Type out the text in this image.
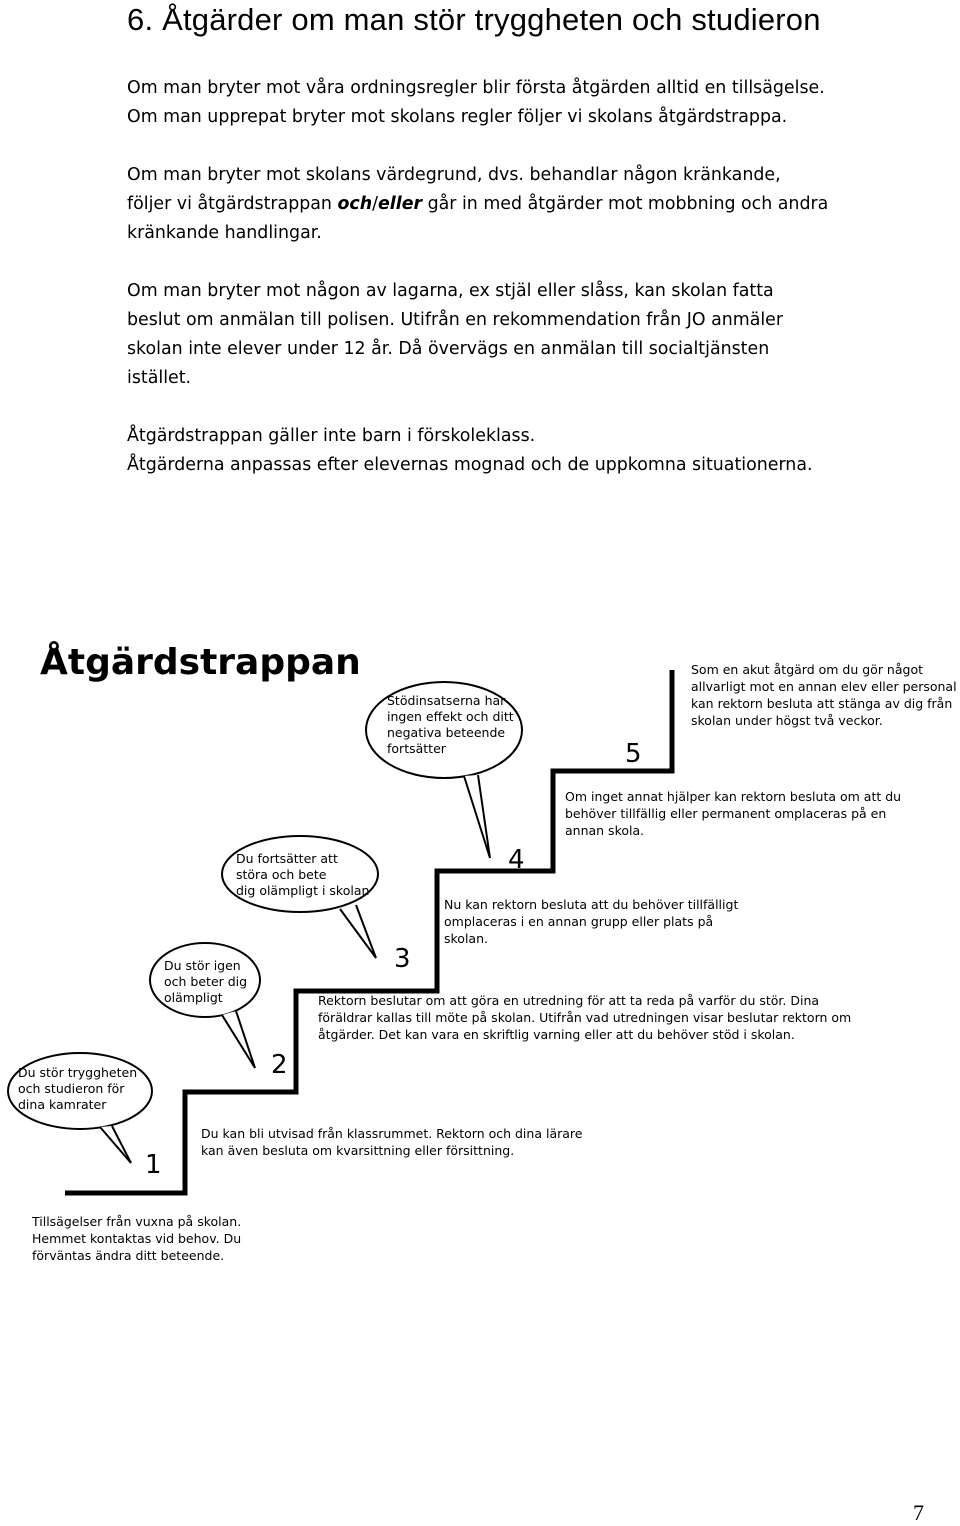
6. Åtgärder om man stör tryggheten och studieron

Om man bryter mot våra ordningsregler blir första åtgärden alltid en tillsägelse.

Om man upprepat bryter mot skolans regler följer vi skolans åtgärdstrappa.

Om man bryter mot skolans värdegrund, dvs. behandlar någon kränkande,

följer vi åtgärdstrappan och/eller går in med åtgärder mot mobbning och andra

kränkande handlingar.

Om man bryter mot någon av lagarna, ex stjäl eller slåss, kan skolan fatta

beslut om anmälan till polisen. Utifrån en rekommendation från JO anmäler

skolan inte elever under 12 år. Då övervägs en anmälan till socialtjänsten

istället.

Åtgärdstrappan gäller inte barn i förskoleklass.

Åtgärderna anpassas efter elevernas mognad och de uppkomna situationerna.

Åtgärdstrappan
1
2
3
4
5
Tillsägelser från vuxna på skolan. Hemmet kontaktas vid behov. Du förväntas ändra ditt beteende.
Du kan bli utvisad från klassrummet. Rektorn och dina lärare kan även besluta om kvarsittning eller försittning.
Rektorn beslutar om att göra en utredning för att ta reda på varför du stör. Dina föräldrar kallas till möte på skolan. Utifrån vad utredningen visar beslutar rektorn om åtgärder. Det kan vara en skriftlig varning eller att du behöver stöd i skolan.
Nu kan rektorn besluta att du behöver tillfälligt omplaceras i en annan grupp eller plats på skolan.
Om inget annat hjälper kan rektorn besluta om att du behöver tillfällig eller permanent omplaceras på en annan skola.
Som en akut åtgärd om du gör något allvarligt mot en annan elev eller personal kan rektorn besluta att stänga av dig från skolan under högst två veckor.
Du stör tryggheten och studieron för dina kamrater
Du stör igen och beter dig olämpligt
Du fortsätter att störa och bete dig olämpligt i skolan
Stödinsatserna har ingen effekt och ditt negativa beteende fortsätter
7
